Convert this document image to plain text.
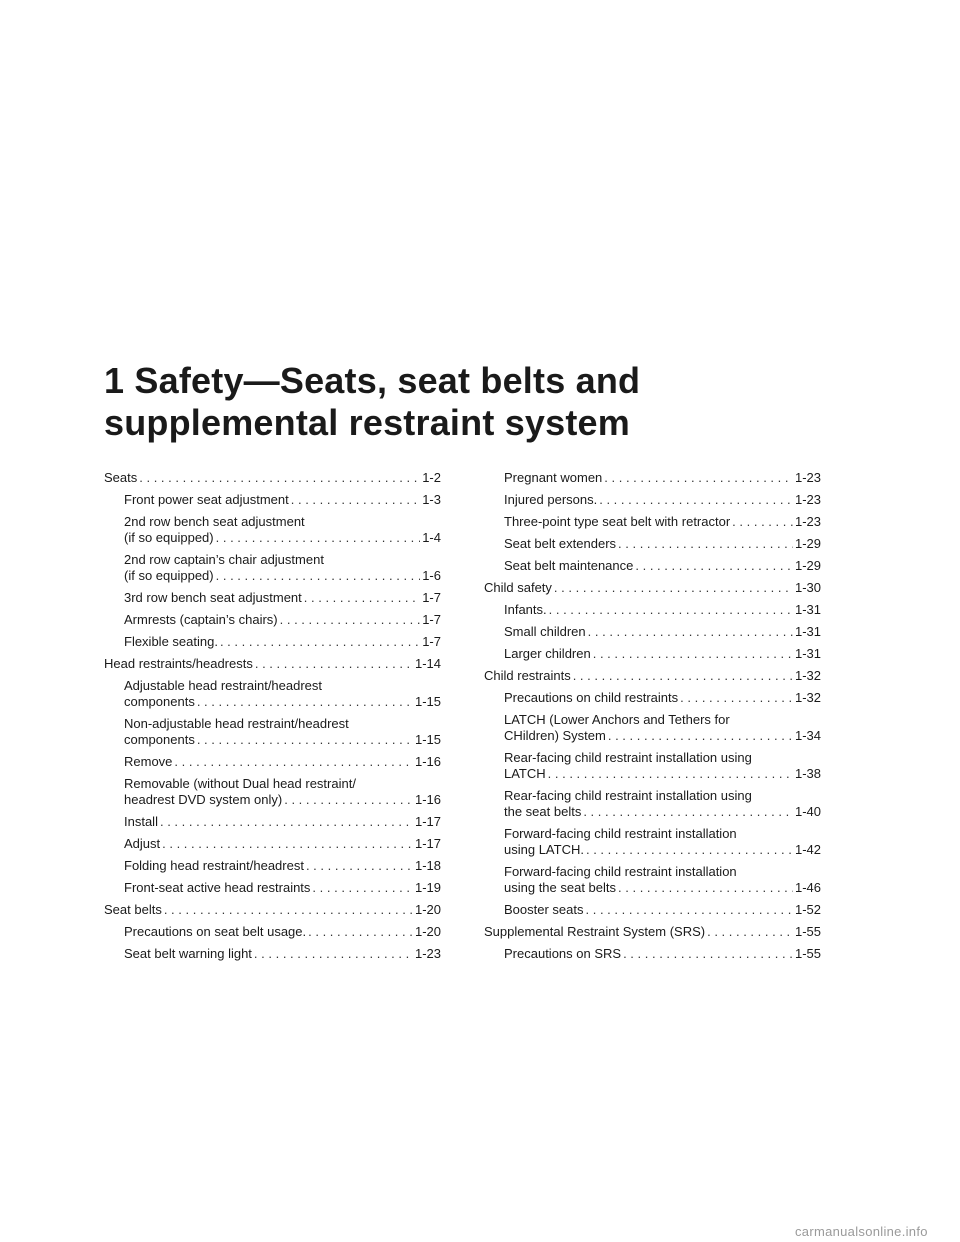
1 Safety—Seats, seat belts and
supplemental restraint system
Seats . . .	1-2
Front power seat adjustment . . .	1-3
2nd row bench seat adjustment
(if so equipped) . . .	1-4
2nd row captain’s chair adjustment
(if so equipped) . . .	1-6
3rd row bench seat adjustment . . .	1-7
Armrests (captain’s chairs) . . .	1-7
Flexible seating. . . .	1-7
Head restraints/headrests . . .	1-14
Adjustable head restraint/headrest
components . . .	1-15
Non-adjustable head restraint/headrest
components . . .	1-15
Remove . . .	1-16
Removable (without Dual head restraint/
headrest DVD system only) . . .	1-16
Install . . .	1-17
Adjust . . .	1-17
Folding head restraint/headrest . . .	1-18
Front-seat active head restraints . . .	1-19
Seat belts . . .	1-20
Precautions on seat belt usage. . . .	1-20
Seat belt warning light . . .	1-23
Pregnant women . . .	1-23
Injured persons. . . .	1-23
Three-point type seat belt with retractor . . .	1-23
Seat belt extenders . . .	1-29
Seat belt maintenance . . .	1-29
Child safety . . .	1-30
Infants. . . .	1-31
Small children . . .	1-31
Larger children . . .	1-31
Child restraints . . .	1-32
Precautions on child restraints . . .	1-32
LATCH (Lower Anchors and Tethers for
CHildren) System . . .	1-34
Rear-facing child restraint installation using
LATCH . . .	1-38
Rear-facing child restraint installation using
the seat belts . . .	1-40
Forward-facing child restraint installation
using LATCH. . . .	1-42
Forward-facing child restraint installation
using the seat belts . . .	1-46
Booster seats . . .	1-52
Supplemental Restraint System (SRS) . . .	1-55
Precautions on SRS . . .	1-55
carmanualsonline.info
